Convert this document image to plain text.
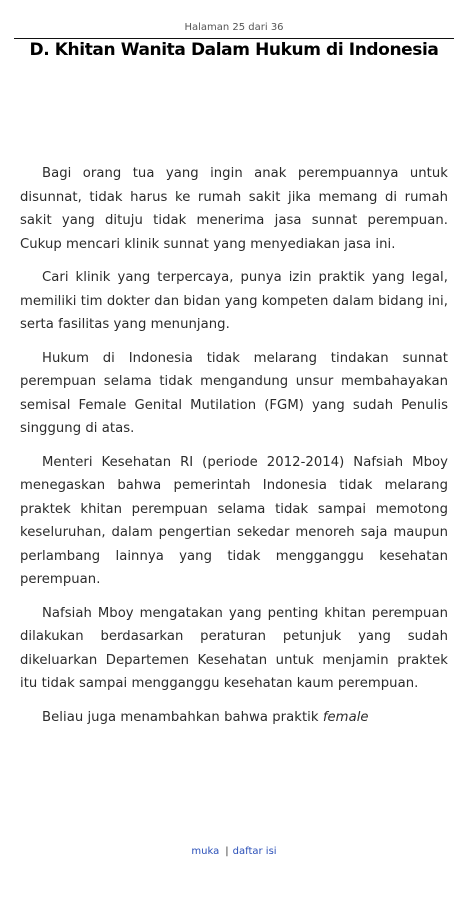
Halaman 25 dari 36
D. Khitan Wanita Dalam Hukum di Indonesia

Bagi orang tua yang ingin anak perempuannya untuk disunnat, tidak harus ke rumah sakit jika memang di rumah sakit yang dituju tidak menerima jasa sunnat perempuan. Cukup mencari klinik sunnat yang menyediakan jasa ini.

Cari klinik yang terpercaya, punya izin praktik yang legal, memiliki tim dokter dan bidan yang kompeten dalam bidang ini, serta fasilitas yang menunjang.

Hukum di Indonesia tidak melarang tindakan sunnat perempuan selama tidak mengandung unsur membahayakan semisal Female Genital Mutilation (FGM) yang sudah Penulis singgung di atas.

Menteri Kesehatan RI (periode 2012-2014) Nafsiah Mboy menegaskan bahwa pemerintah Indonesia tidak melarang praktek khitan perempuan selama tidak sampai memotong keseluruhan, dalam pengertian sekedar menoreh saja maupun perlambang lainnya yang tidak mengganggu kesehatan perempuan.

Nafsiah Mboy mengatakan yang penting khitan perempuan dilakukan berdasarkan peraturan petunjuk yang sudah dikeluarkan Departemen Kesehatan untuk menjamin praktek itu tidak sampai mengganggu kesehatan kaum perempuan.

Beliau juga menambahkan bahwa praktik female

muka | daftar isi
